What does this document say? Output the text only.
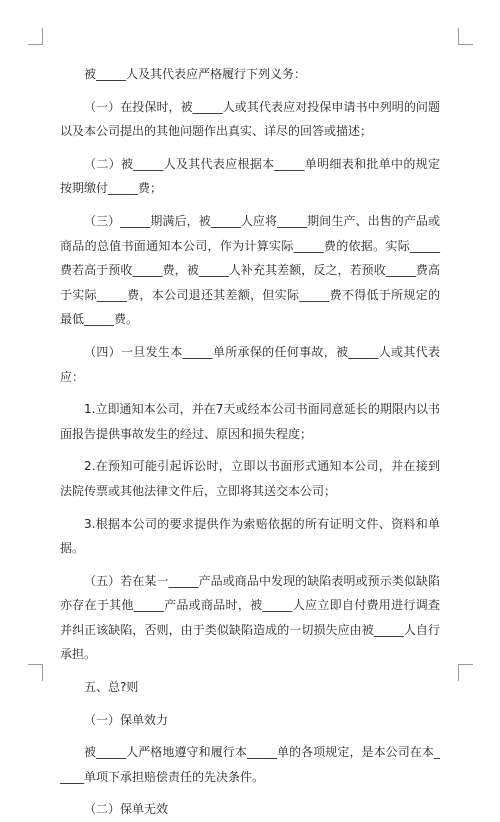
被_____人及其代表应严格履行下列义务：

（一）在投保时，被_____人或其代表应对投保申请书中列明的问题以及本公司提出的其他问题作出真实、详尽的回答或描述；

（二）被_____人及其代表应根据本_____单明细表和批单中的规定按期缴付_____费；

（三）_____期满后，被_____人应将_____期间生产、出售的产品或商品的总值书面通知本公司，作为计算实际_____费的依据。实际_____费若高于预收_____费，被_____人补充其差额，反之，若预收_____费高于实际_____费，本公司退还其差额，但实际_____费不得低于所规定的最低_____费。

（四）一旦发生本_____单所承保的任何事故，被_____人或其代表应：

1.立即通知本公司，并在7天或经本公司书面同意延长的期限内以书面报告提供事故发生的经过、原因和损失程度；

2.在预知可能引起诉讼时，立即以书面形式通知本公司，并在接到法院传票或其他法律文件后，立即将其送交本公司；

3.根据本公司的要求提供作为索赔依据的所有证明文件、资料和单据。

（五）若在某一_____产品或商品中发现的缺陷表明或预示类似缺陷亦存在于其他_____产品或商品时，被_____人应立即自付费用进行调查并纠正该缺陷，否则，由于类似缺陷造成的一切损失应由被_____人自行承担。

五、总?则

（一）保单效力

被_____人严格地遵守和履行本_____单的各项规定，是本公司在本_____单项下承担赔偿责任的先决条件。

（二）保单无效
